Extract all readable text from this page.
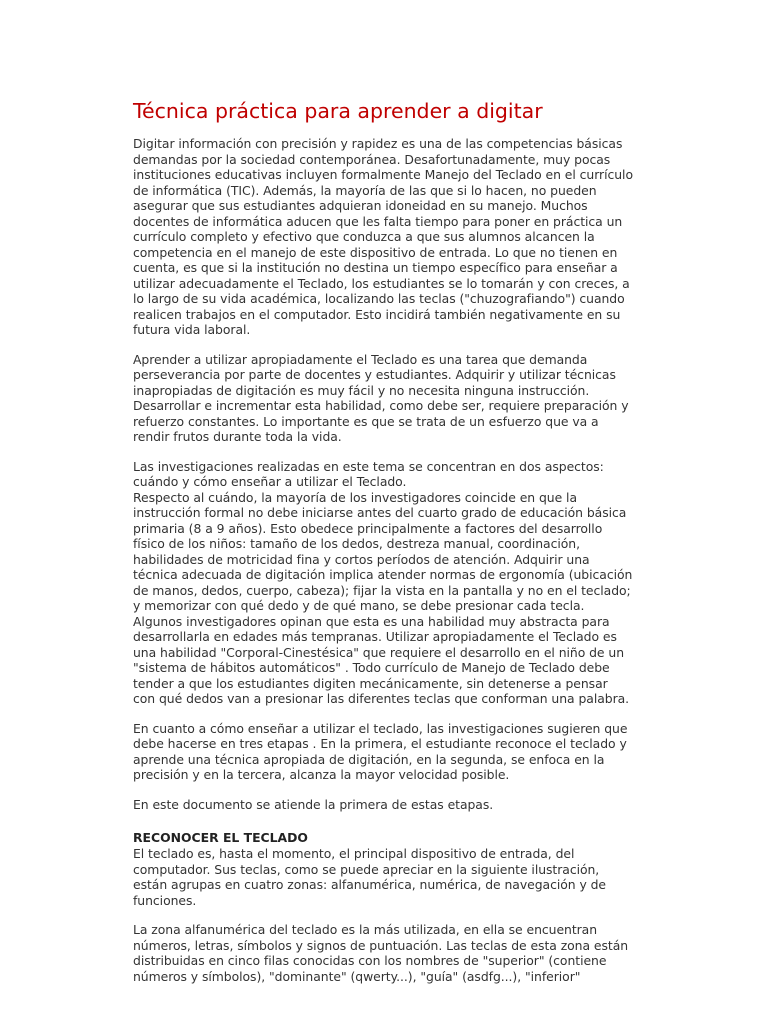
Técnica práctica para aprender a digitar

Digitar información con precisión y rapidez es una de las competencias básicas demandas por la sociedad contemporánea. Desafortunadamente, muy pocas instituciones educativas incluyen formalmente Manejo del Teclado en el currículo de informática (TIC). Además, la mayoría de las que si lo hacen, no pueden asegurar que sus estudiantes adquieran idoneidad en su manejo. Muchos docentes de informática aducen que les falta tiempo para poner en práctica un currículo completo y efectivo que conduzca a que sus alumnos alcancen la competencia en el manejo de este dispositivo de entrada. Lo que no tienen en cuenta, es que si la institución no destina un tiempo específico para enseñar a utilizar adecuadamente el Teclado, los estudiantes se lo tomarán y con creces, a lo largo de su vida académica, localizando las teclas ("chuzografiando") cuando realicen trabajos en el computador. Esto incidirá también negativamente en su futura vida laboral.

Aprender a utilizar apropiadamente el Teclado es una tarea que demanda perseverancia por parte de docentes y estudiantes. Adquirir y utilizar técnicas inapropiadas de digitación es muy fácil y no necesita ninguna instrucción. Desarrollar e incrementar esta habilidad, como debe ser, requiere preparación y refuerzo constantes. Lo importante es que se trata de un esfuerzo que va a rendir frutos durante toda la vida.

Las investigaciones realizadas en este tema se concentran en dos aspectos: cuándo y cómo enseñar a utilizar el Teclado.

Respecto al cuándo, la mayoría de los investigadores coincide en que la instrucción formal no debe iniciarse antes del cuarto grado de educación básica primaria (8 a 9 años). Esto obedece principalmente a factores del desarrollo físico de los niños: tamaño de los dedos, destreza manual, coordinación, habilidades de motricidad fina y cortos períodos de atención. Adquirir una técnica adecuada de digitación implica atender normas de ergonomía (ubicación de manos, dedos, cuerpo, cabeza); fijar la vista en la pantalla y no en el teclado; y memorizar con qué dedo y de qué mano, se debe presionar cada tecla. Algunos investigadores opinan que esta es una habilidad muy abstracta para desarrollarla en edades más tempranas. Utilizar apropiadamente el Teclado es una habilidad "Corporal-Cinestésica" que requiere el desarrollo en el niño de un "sistema de hábitos automáticos" . Todo currículo de Manejo de Teclado debe tender a que los estudiantes digiten mecánicamente, sin detenerse a pensar con qué dedos van a presionar las diferentes teclas que conforman una palabra.

En cuanto a cómo enseñar a utilizar el teclado, las investigaciones sugieren que debe hacerse en tres etapas . En la primera, el estudiante reconoce el teclado y aprende una técnica apropiada de digitación, en la segunda, se enfoca en la precisión y en la tercera, alcanza la mayor velocidad posible.

En este documento se atiende la primera de estas etapas.

RECONOCER EL TECLADO

El teclado es, hasta el momento, el principal dispositivo de entrada, del computador. Sus teclas, como se puede apreciar en la siguiente ilustración, están agrupas en cuatro zonas: alfanumérica, numérica, de navegación y de funciones.

La zona alfanumérica del teclado es la más utilizada, en ella se encuentran números, letras, símbolos y signos de puntuación. Las teclas de esta zona están distribuidas en cinco filas conocidas con los nombres de "superior" (contiene números y símbolos), "dominante" (qwerty...), "guía" (asdfg...), "inferior"
